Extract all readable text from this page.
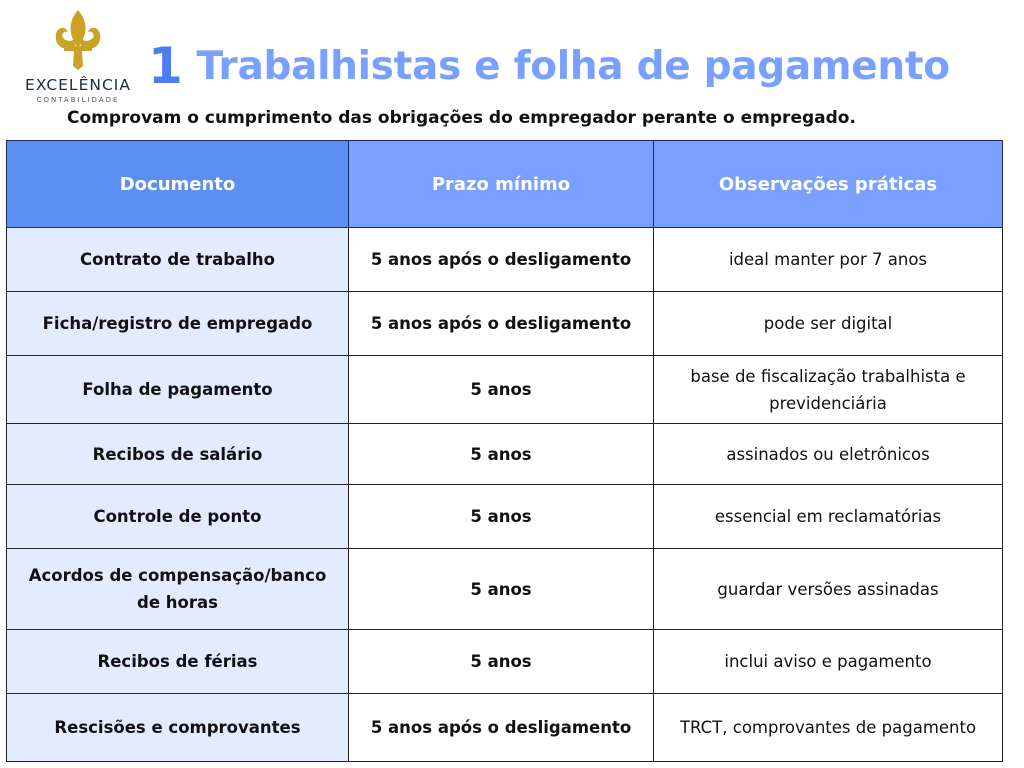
EXCELÊNCIA
CONTABILIDADE
1 Trabalhistas e folha de pagamento
Comprovam o cumprimento das obrigações do empregador perante o empregado.
Documento	Prazo mínimo	Observações práticas
Contrato de trabalho	5 anos após o desligamento	ideal manter por 7 anos
Ficha/registro de empregado	5 anos após o desligamento	pode ser digital
Folha de pagamento	5 anos	base de fiscalização trabalhista e previdenciária
Recibos de salário	5 anos	assinados ou eletrônicos
Controle de ponto	5 anos	essencial em reclamatórias
Acordos de compensação/banco de horas	5 anos	guardar versões assinadas
Recibos de férias	5 anos	inclui aviso e pagamento
Rescisões e comprovantes	5 anos após o desligamento	TRCT, comprovantes de pagamento
